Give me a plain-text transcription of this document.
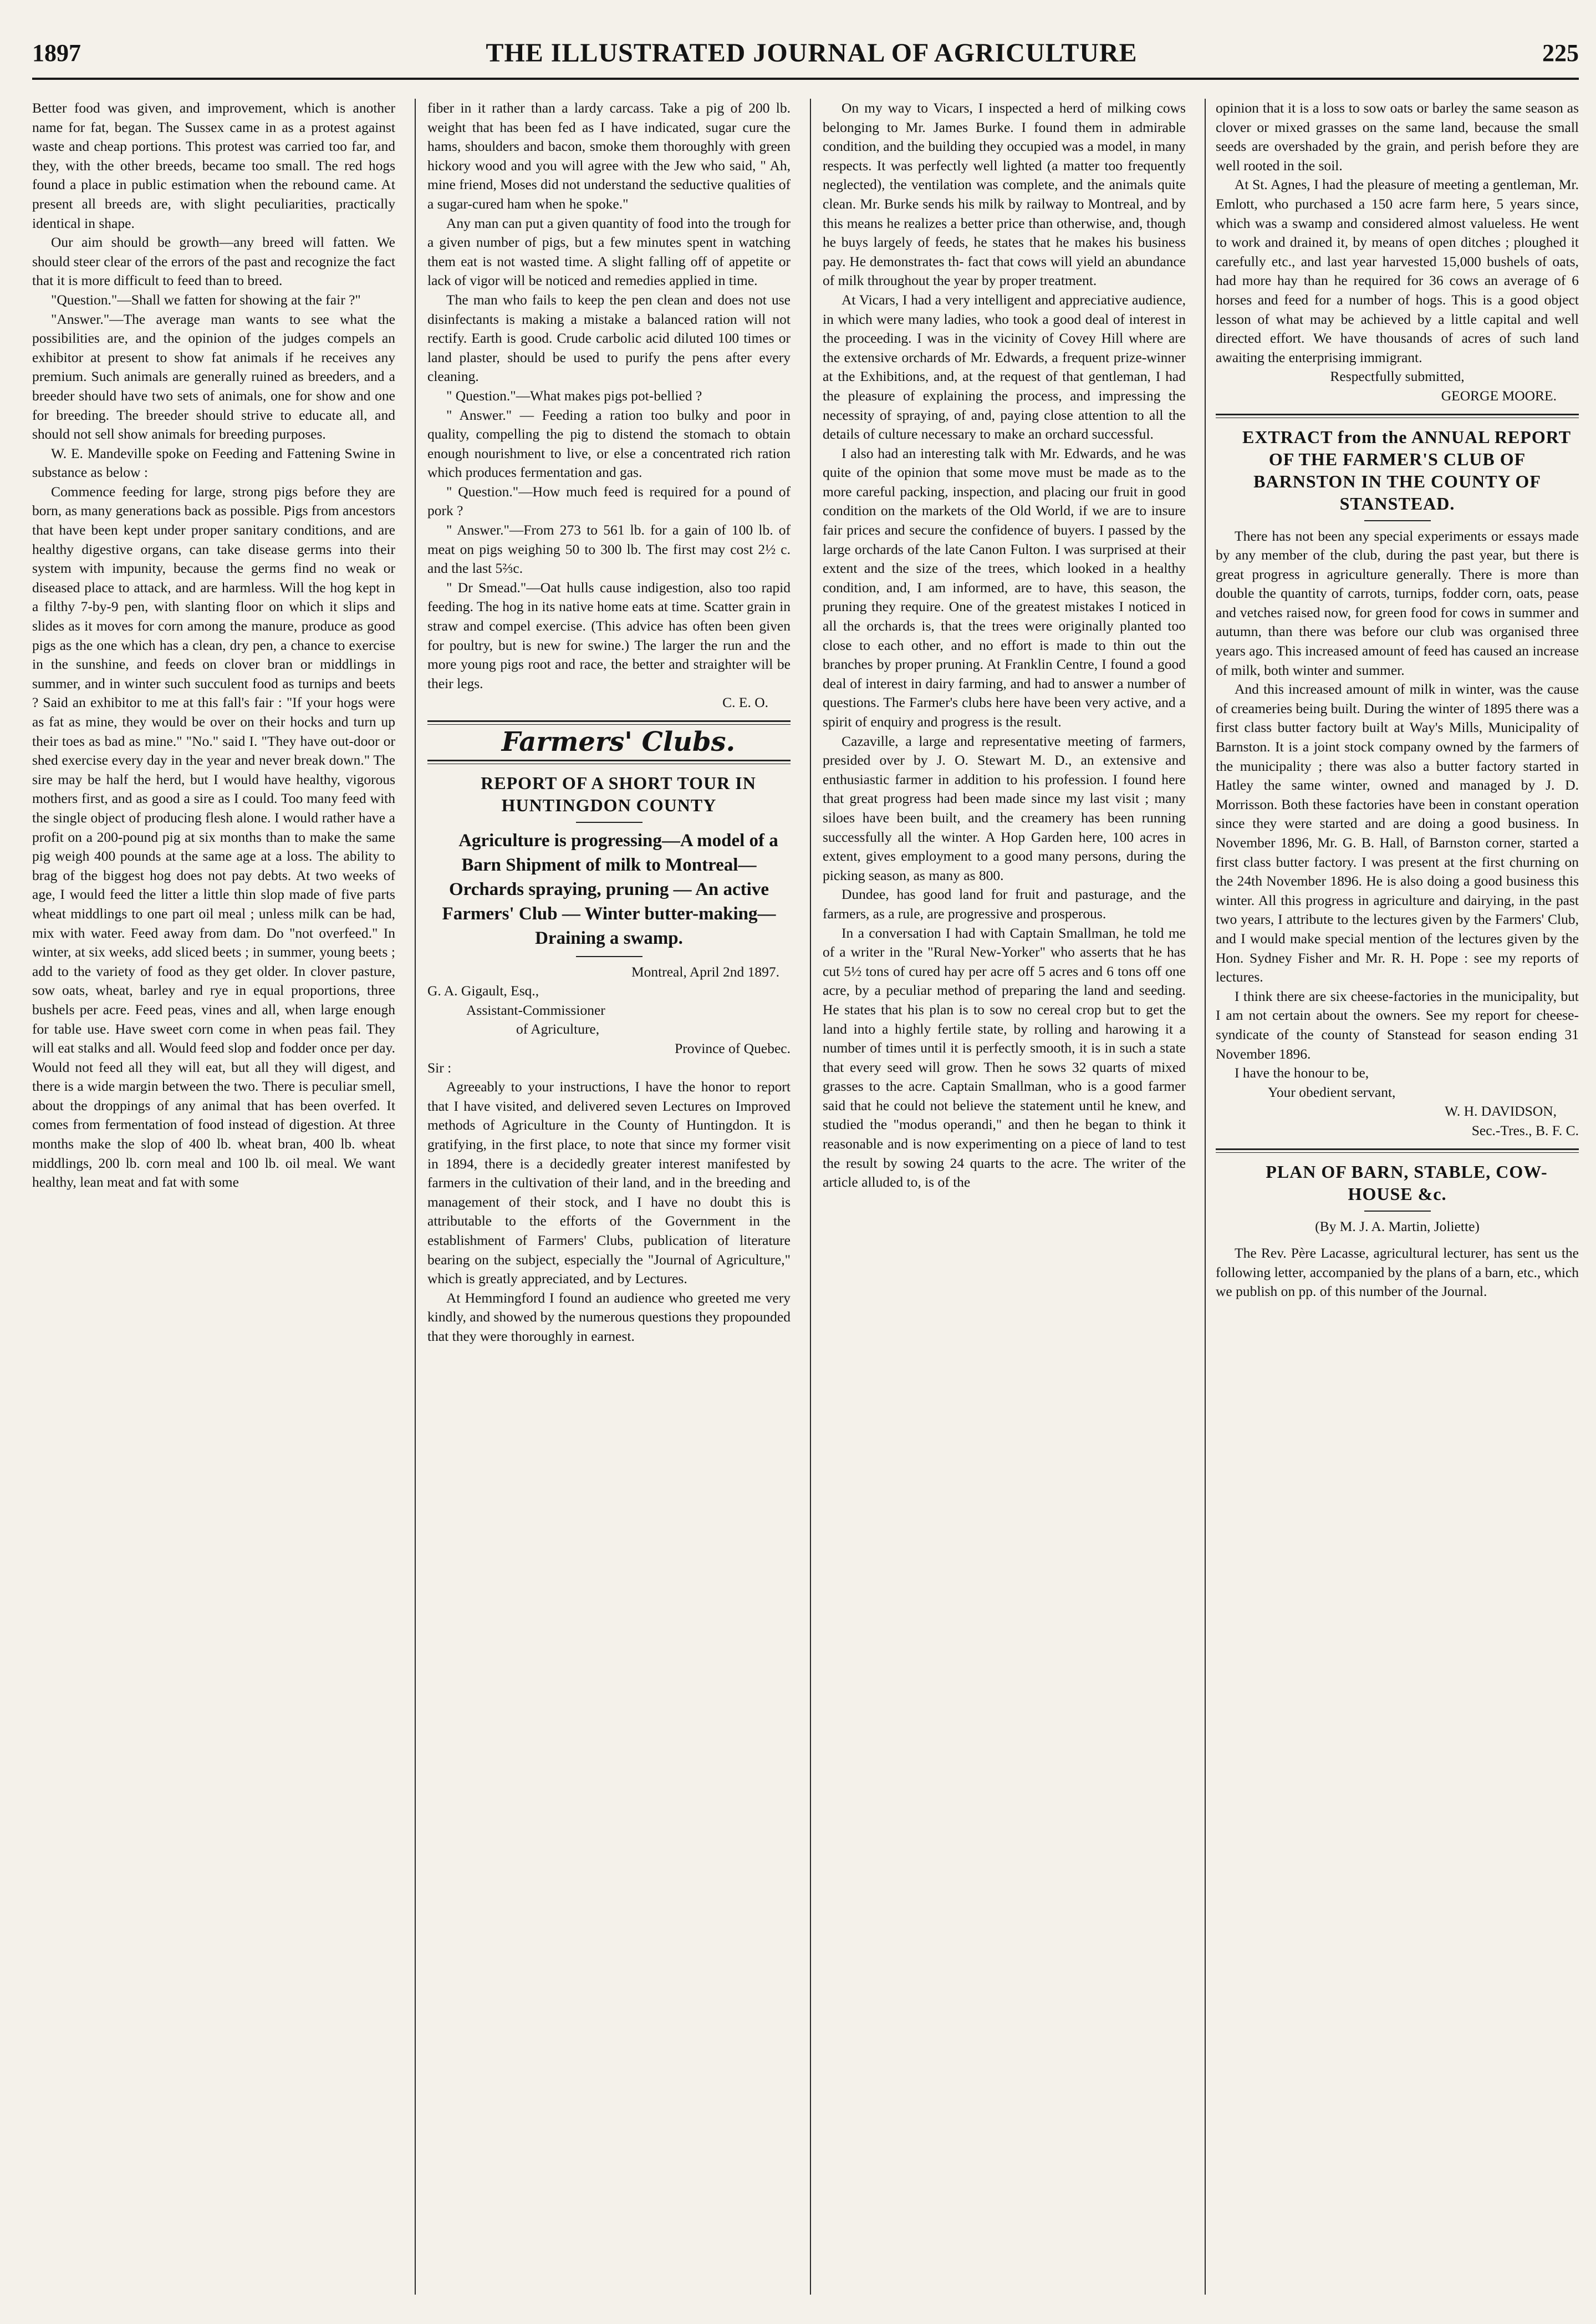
1897	THE ILLUSTRATED JOURNAL OF AGRICULTURE	225

Better food was given, and improvement, which is another name for fat, began. The Sussex came in as a protest against waste and cheap portions. This protest was carried too far, and they, with the other breeds, became too small. The red hogs found a place in public estimation when the rebound came. At present all breeds are, with slight peculiarities, practically identical in shape.

Our aim should be growth—any breed will fatten. We should steer clear of the errors of the past and recognize the fact that it is more difficult to feed than to breed.

"Question."—Shall we fatten for showing at the fair ?"

"Answer."—The average man wants to see what the possibilities are, and the opinion of the judges compels an exhibitor at present to show fat animals if he receives any premium. Such animals are generally ruined as breeders, and a breeder should have two sets of animals, one for show and one for breeding. The breeder should strive to educate all, and should not sell show animals for breeding purposes.

W. E. Mandeville spoke on Feeding and Fattening Swine in substance as below :

Commence feeding for large, strong pigs before they are born, as many generations back as possible. Pigs from ancestors that have been kept under proper sanitary conditions, and are healthy digestive organs, can take disease germs into their system with impunity, because the germs find no weak or diseased place to attack, and are harmless. Will the hog kept in a filthy 7-by-9 pen, with slanting floor on which it slips and slides as it moves for corn among the manure, produce as good pigs as the one which has a clean, dry pen, a chance to exercise in the sunshine, and feeds on clover bran or middlings in summer, and in winter such succulent food as turnips and beets ? Said an exhibitor to me at this fall's fair : "If your hogs were as fat as mine, they would be over on their hocks and turn up their toes as bad as mine." "No." said I. "They have out-door or shed exercise every day in the year and never break down." The sire may be half the herd, but I would have healthy, vigorous mothers first, and as good a sire as I could. Too many feed with the single object of producing flesh alone. I would rather have a profit on a 200-pound pig at six months than to make the same pig weigh 400 pounds at the same age at a loss. The ability to brag of the biggest hog does not pay debts. At two weeks of age, I would feed the litter a little thin slop made of five parts wheat middlings to one part oil meal ; unless milk can be had, mix with water. Feed away from dam. Do "not overfeed." In winter, at six weeks, add sliced beets ; in summer, young beets ; add to the variety of food as they get older. In clover pasture, sow oats, wheat, barley and rye in equal proportions, three bushels per acre. Feed peas, vines and all, when large enough for table use. Have sweet corn come in when peas fail. They will eat stalks and all. Would feed slop and fodder once per day. Would not feed all they will eat, but all they will digest, and there is a wide margin between the two. There is peculiar smell, about the droppings of any animal that has been overfed. It comes from fermentation of food instead of digestion. At three months make the slop of 400 lb. wheat bran, 400 lb. wheat middlings, 200 lb. corn meal and 100 lb. oil meal. We want healthy, lean meat and fat with some

fiber in it rather than a lardy carcass. Take a pig of 200 lb. weight that has been fed as I have indicated, sugar cure the hams, shoulders and bacon, smoke them thoroughly with green hickory wood and you will agree with the Jew who said, " Ah, mine friend, Moses did not understand the seductive qualities of a sugar-cured ham when he spoke."

Any man can put a given quantity of food into the trough for a given number of pigs, but a few minutes spent in watching them eat is not wasted time. A slight falling off of appetite or lack of vigor will be noticed and remedies applied in time.

The man who fails to keep the pen clean and does not use disinfectants is making a mistake a balanced ration will not rectify. Earth is good. Crude carbolic acid diluted 100 times or land plaster, should be used to purify the pens after every cleaning.

" Question."—What makes pigs pot-bellied ?

" Answer." — Feeding a ration too bulky and poor in quality, compelling the pig to distend the stomach to obtain enough nourishment to live, or else a concentrated rich ration which produces fermentation and gas.

" Question."—How much feed is required for a pound of pork ?

" Answer."—From 273 to 561 lb. for a gain of 100 lb. of meat on pigs weighing 50 to 300 lb. The first may cost 2½ c. and the last 5⅔c.

" Dr Smead."—Oat hulls cause indigestion, also too rapid feeding. The hog in its native home eats at time. Scatter grain in straw and compel exercise. (This advice has often been given for poultry, but is new for swine.) The larger the run and the more young pigs root and race, the better and straighter will be their legs.

C. E. O.

Farmers' Clubs.

REPORT OF A SHORT TOUR IN HUNTINGDON COUNTY

Agriculture is progressing—A model of a Barn Shipment of milk to Montreal— Orchards spraying, pruning — An active Farmers' Club — Winter butter-making—Draining a swamp.

Montreal, April 2nd 1897.

G. A. Gigault, Esq.,

Assistant-Commissioner

of Agriculture,

Province of Quebec.

Sir :

Agreeably to your instructions, I have the honor to report that I have visited, and delivered seven Lectures on Improved methods of Agriculture in the County of Huntingdon. It is gratifying, in the first place, to note that since my former visit in 1894, there is a decidedly greater interest manifested by farmers in the cultivation of their land, and in the breeding and management of their stock, and I have no doubt this is attributable to the efforts of the Government in the establishment of Farmers' Clubs, publication of literature bearing on the subject, especially the "Journal of Agriculture," which is greatly appreciated, and by Lectures.

At Hemmingford I found an audience who greeted me very kindly, and showed by the numerous questions they propounded that they were thoroughly in earnest.

On my way to Vicars, I inspected a herd of milking cows belonging to Mr. James Burke. I found them in admirable condition, and the building they occupied was a model, in many respects. It was perfectly well lighted (a matter too frequently neglected), the ventilation was complete, and the animals quite clean. Mr. Burke sends his milk by railway to Montreal, and by this means he realizes a better price than otherwise, and, though he buys largely of feeds, he states that he makes his business pay. He demonstrates th- fact that cows will yield an abundance of milk throughout the year by proper treatment.

At Vicars, I had a very intelligent and appreciative audience, in which were many ladies, who took a good deal of interest in the proceeding. I was in the vicinity of Covey Hill where are the extensive orchards of Mr. Edwards, a frequent prize-winner at the Exhibitions, and, at the request of that gentleman, I had the pleasure of explaining the process, and impressing the necessity of spraying, of and, paying close attention to all the details of culture necessary to make an orchard successful.

I also had an interesting talk with Mr. Edwards, and he was quite of the opinion that some move must be made as to the more careful packing, inspection, and placing our fruit in good condition on the markets of the Old World, if we are to insure fair prices and secure the confidence of buyers. I passed by the large orchards of the late Canon Fulton. I was surprised at their extent and the size of the trees, which looked in a healthy condition, and, I am informed, are to have, this season, the pruning they require. One of the greatest mistakes I noticed in all the orchards is, that the trees were originally planted too close to each other, and no effort is made to thin out the branches by proper pruning. At Franklin Centre, I found a good deal of interest in dairy farming, and had to answer a number of questions. The Farmer's clubs here have been very active, and a spirit of enquiry and progress is the result.

Cazaville, a large and representative meeting of farmers, presided over by J. O. Stewart M. D., an extensive and enthusiastic farmer in addition to his profession. I found here that great progress had been made since my last visit ; many siloes have been built, and the creamery has been running successfully all the winter. A Hop Garden here, 100 acres in extent, gives employment to a good many persons, during the picking season, as many as 800.

Dundee, has good land for fruit and pasturage, and the farmers, as a rule, are progressive and prosperous.

In a conversation I had with Captain Smallman, he told me of a writer in the "Rural New-Yorker" who asserts that he has cut 5½ tons of cured hay per acre off 5 acres and 6 tons off one acre, by a peculiar method of preparing the land and seeding. He states that his plan is to sow no cereal crop but to get the land into a highly fertile state, by rolling and harowing it a number of times until it is perfectly smooth, it is in such a state that every seed will grow. Then he sows 32 quarts of mixed grasses to the acre. Captain Smallman, who is a good farmer said that he could not believe the statement until he knew, and studied the "modus operandi," and then he began to think it reasonable and is now experimenting on a piece of land to test the result by sowing 24 quarts to the acre. The writer of the article alluded to, is of the

opinion that it is a loss to sow oats or barley the same season as clover or mixed grasses on the same land, because the small seeds are overshaded by the grain, and perish before they are well rooted in the soil.

At St. Agnes, I had the pleasure of meeting a gentleman, Mr. Emlott, who purchased a 150 acre farm here, 5 years since, which was a swamp and considered almost valueless. He went to work and drained it, by means of open ditches ; ploughed it carefully etc., and last year harvested 15,000 bushels of oats, had more hay than he required for 36 cows an average of 6 horses and feed for a number of hogs. This is a good object lesson of what may be achieved by a little capital and well directed effort. We have thousands of acres of such land awaiting the enterprising immigrant.

Respectfully submitted,

GEORGE MOORE.

EXTRACT from the ANNUAL REPORT OF THE FARMER'S CLUB OF BARNSTON IN THE COUNTY OF STANSTEAD.

There has not been any special experiments or essays made by any member of the club, during the past year, but there is great progress in agriculture generally. There is more than double the quantity of carrots, turnips, fodder corn, oats, pease and vetches raised now, for green food for cows in summer and autumn, than there was before our club was organised three years ago. This increased amount of feed has caused an increase of milk, both winter and summer.

And this increased amount of milk in winter, was the cause of creameries being built. During the winter of 1895 there was a first class butter factory built at Way's Mills, Municipality of Barnston. It is a joint stock company owned by the farmers of the municipality ; there was also a butter factory started in Hatley the same winter, owned and managed by J. D. Morrisson. Both these factories have been in constant operation since they were started and are doing a good business. In November 1896, Mr. G. B. Hall, of Barnston corner, started a first class butter factory. I was present at the first churning on the 24th November 1896. He is also doing a good business this winter. All this progress in agriculture and dairying, in the past two years, I attribute to the lectures given by the Farmers' Club, and I would make special mention of the lectures given by the Hon. Sydney Fisher and Mr. R. H. Pope : see my reports of lectures.

I think there are six cheese-factories in the municipality, but I am not certain about the owners. See my report for cheese-syndicate of the county of Stanstead for season ending 31 November 1896.

I have the honour to be,

Your obedient servant,

W. H. DAVIDSON,

Sec.-Tres., B. F. C.

PLAN OF BARN, STABLE, COW-HOUSE &c.

(By M. J. A. Martin, Joliette)

The Rev. Père Lacasse, agricultural lecturer, has sent us the following letter, accompanied by the plans of a barn, etc., which we publish on pp. of this number of the Journal.
